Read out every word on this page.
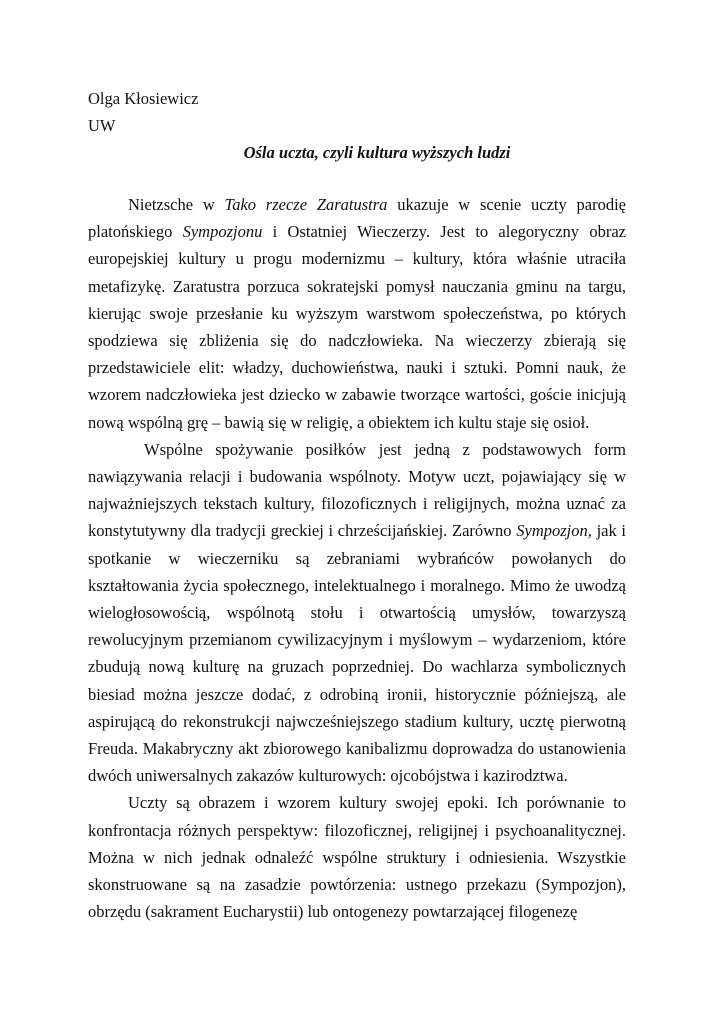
Olga Kłosiewicz
UW
Ośla uczta, czyli kultura wyższych ludzi

Nietzsche w Tako rzecze Zaratustra ukazuje w scenie uczty parodię platońskiego Sympozjonu i Ostatniej Wieczerzy. Jest to alegoryczny obraz europejskiej kultury u progu modernizmu – kultury, która właśnie utraciła metafizykę. Zaratustra porzuca sokratejski pomysł nauczania gminu na targu, kierując swoje przesłanie ku wyższym warstwom społeczeństwa, po których spodziewa się zbliżenia się do nadczłowieka. Na wieczerzy zbierają się przedstawiciele elit: władzy, duchowieństwa, nauki i sztuki. Pomni nauk, że wzorem nadczłowieka jest dziecko w zabawie tworzące wartości, goście inicjują nową wspólną grę – bawią się w religię, a obiektem ich kultu staje się osioł.

Wspólne spożywanie posiłków jest jedną z podstawowych form nawiązywania relacji i budowania wspólnoty. Motyw uczt, pojawiający się w najważniejszych tekstach kultury, filozoficznych i religijnych, można uznać za konstytutywny dla tradycji greckiej i chrześcijańskiej. Zarówno Sympozjon, jak i spotkanie w wieczerniku są zebraniami wybrańców powołanych do kształtowania życia społecznego, intelektualnego i moralnego. Mimo że uwodzą wielogłosowością, wspólnotą stołu i otwartością umysłów, towarzyszą rewolucyjnym przemianom cywilizacyjnym i myślowym – wydarzeniom, które zbudują nową kulturę na gruzach poprzedniej. Do wachlarza symbolicznych biesiad można jeszcze dodać, z odrobiną ironii, historycznie późniejszą, ale aspirującą do rekonstrukcji najwcześniejszego stadium kultury, ucztę pierwotną Freuda. Makabryczny akt zbiorowego kanibalizmu doprowadza do ustanowienia dwóch uniwersalnych zakazów kulturowych: ojcobójstwa i kazirodztwa.

Uczty są obrazem i wzorem kultury swojej epoki. Ich porównanie to konfrontacja różnych perspektyw: filozoficznej, religijnej i psychoanalitycznej. Można w nich jednak odnaleźć wspólne struktury i odniesienia. Wszystkie skonstruowane są na zasadzie powtórzenia: ustnego przekazu (Sympozjon), obrzędu (sakrament Eucharystii) lub ontogenezy powtarzającej filogenezę
